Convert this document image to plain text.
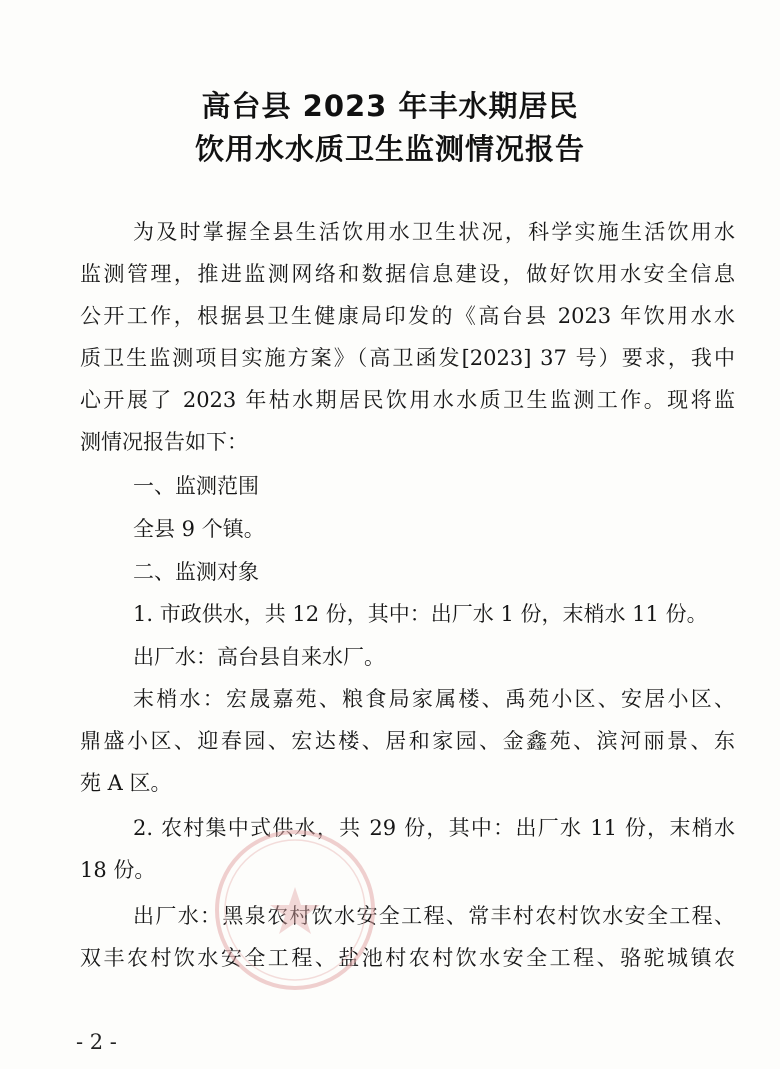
高台县 2023 年丰水期居民
饮用水水质卫生监测情况报告
为及时掌握全县生活饮用水卫生状况，科学实施生活饮用水
监测管理，推进监测网络和数据信息建设，做好饮用水安全信息
公开工作，根据县卫生健康局印发的《高台县 2023 年饮用水水
质卫生监测项目实施方案》（高卫函发[2023] 37 号）要求，我中
心开展了 2023 年枯水期居民饮用水水质卫生监测工作。现将监
测情况报告如下：
一、监测范围
全县 9 个镇。
二、监测对象
1. 市政供水，共 12 份，其中：出厂水 1 份，末梢水 11 份。
出厂水：高台县自来水厂。
末梢水：宏晟嘉苑、粮食局家属楼、禹苑小区、安居小区、
鼎盛小区、迎春园、宏达楼、居和家园、金鑫苑、滨河丽景、东
苑 A 区。
2. 农村集中式供水，共 29 份，其中：出厂水 11 份，末梢水
18 份。
出厂水：黑泉农村饮水安全工程、常丰村农村饮水安全工程、
双丰农村饮水安全工程、盐池村农村饮水安全工程、骆驼城镇农
- 2 -
